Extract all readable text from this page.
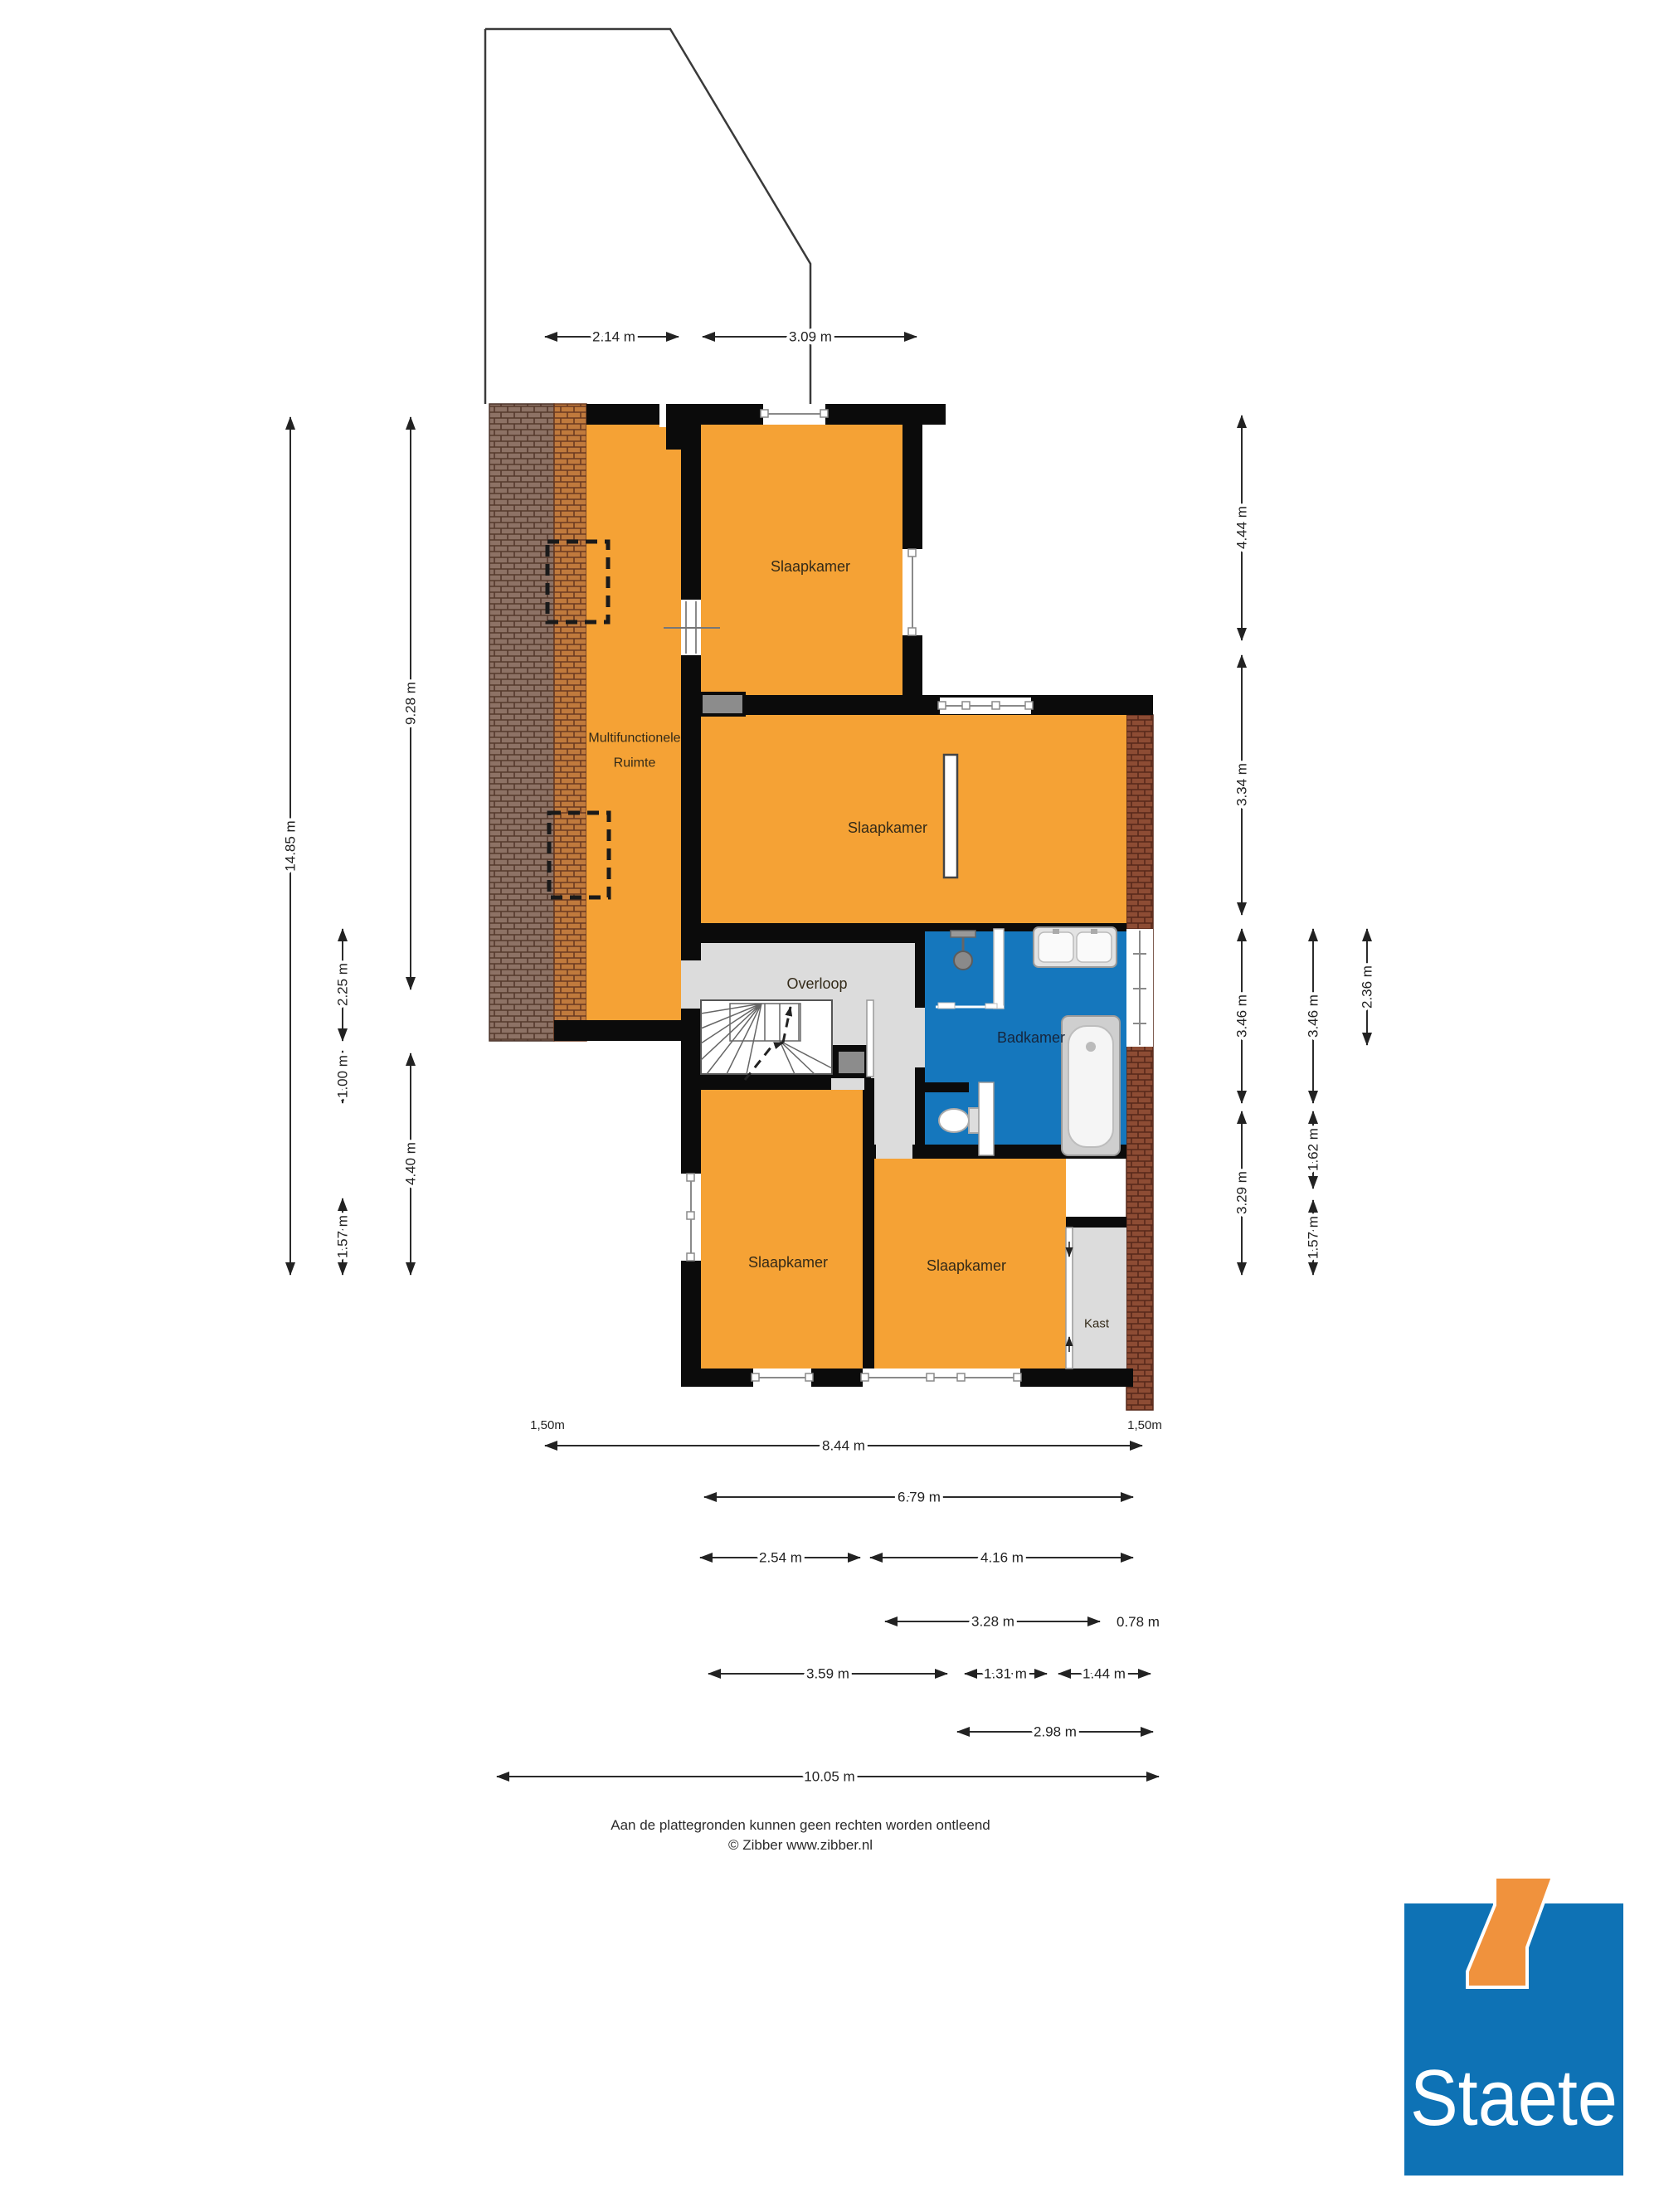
Slaapkamer
Multifunctionele
Ruimte
Slaapkamer
Overloop
Badkamer
Slaapkamer	Slaapkamer
Kast
2.14 m	3.09 m
14.85 m
9.28 m
2.25 m
1.00 m
4.40 m
1.57 m
4.44 m
3.34 m
3.46 m
3.29 m
3.46 m
1.62 m
1.57 m
2.36 m
1,50m	1,50m
8.44 m
6.79 m
2.54 m	4.16 m
3.28 m	0.78 m
3.59 m	1.31 m	1.44 m
2.98 m
10.05 m
Aan de plattegronden kunnen geen rechten worden ontleend
© Zibber www.zibber.nl
Staete
